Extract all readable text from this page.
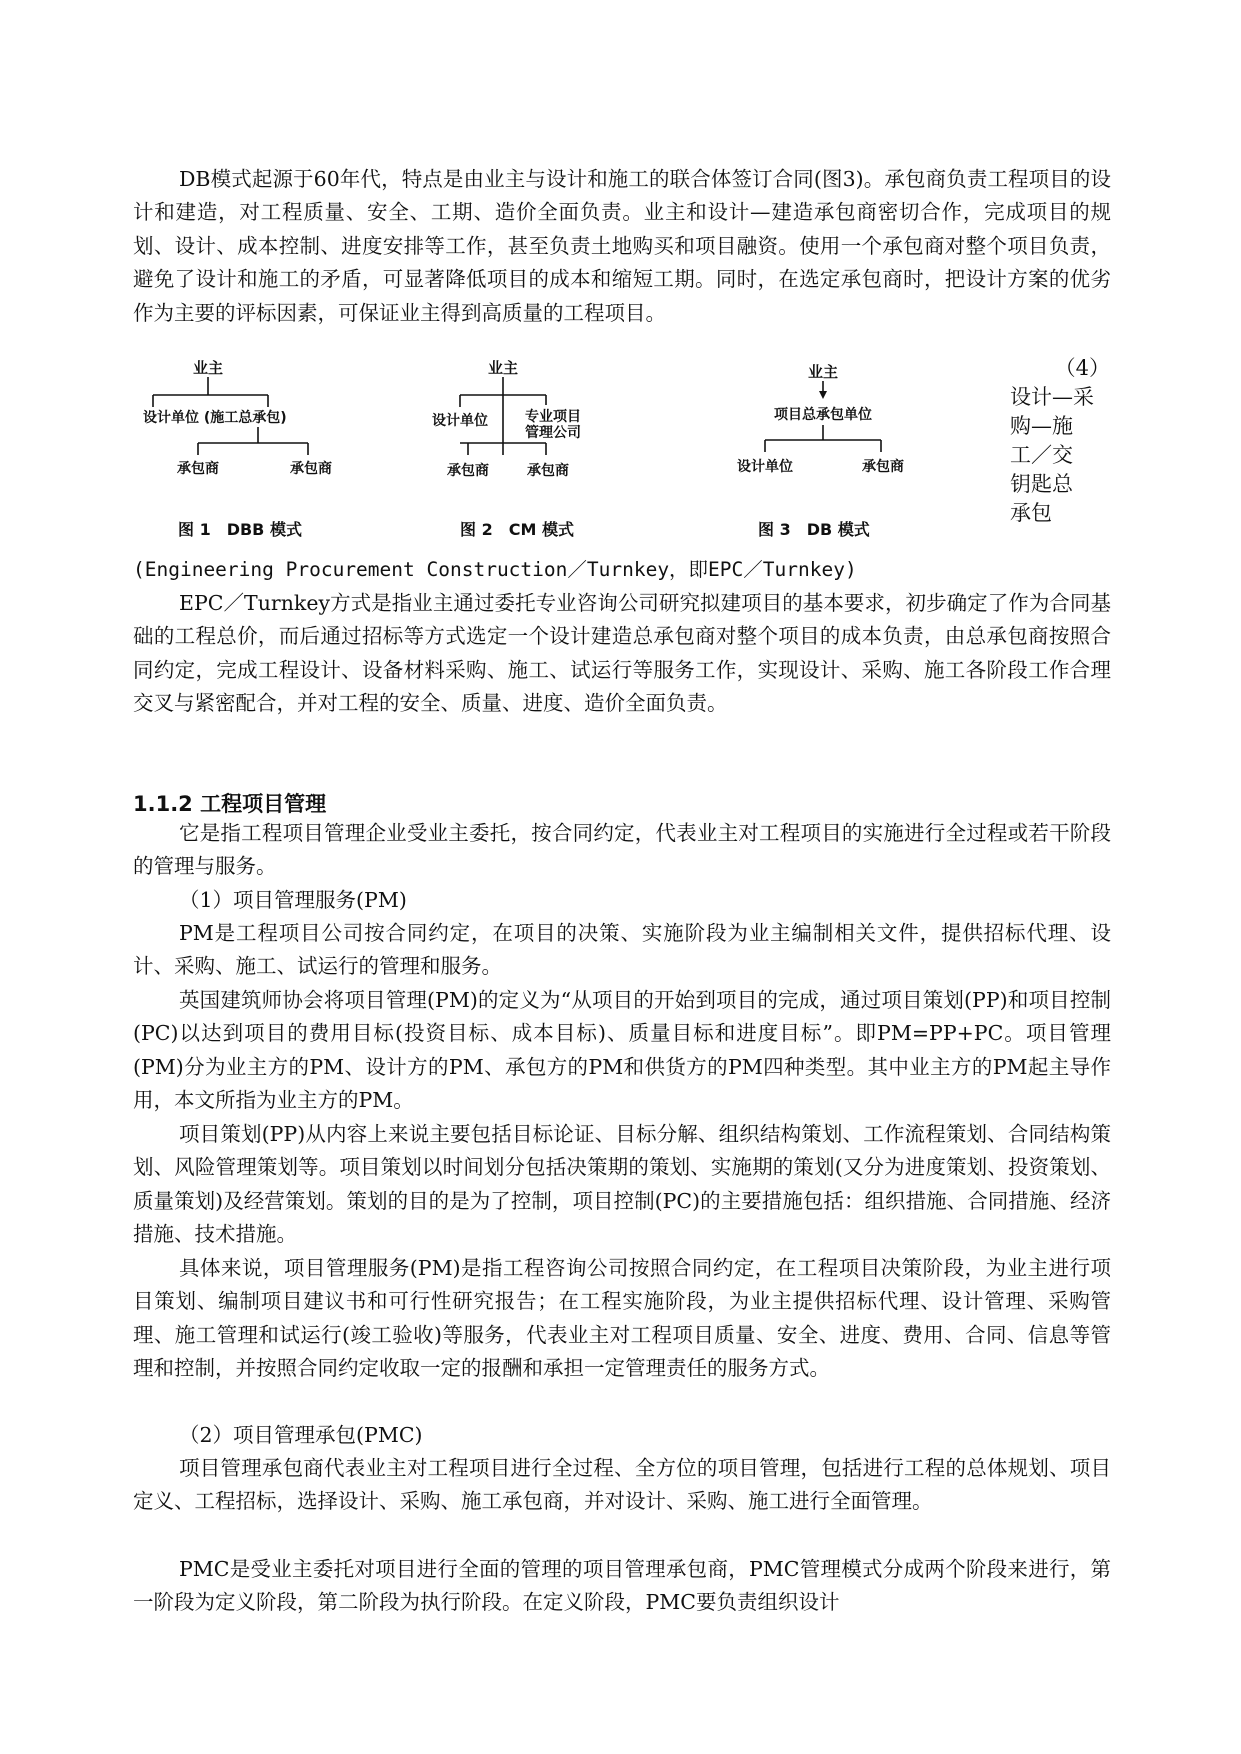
DB模式起源于60年代，特点是由业主与设计和施工的联合体签订合同(图3)。承包商负责工程项目的设计和建造，对工程质量、安全、工期、造价全面负责。业主和设计—建造承包商密切合作，完成项目的规划、设计、成本控制、进度安排等工作，甚至负责土地购买和项目融资。使用一个承包商对整个项目负责，避免了设计和施工的矛盾，可显著降低项目的成本和缩短工期。同时，在选定承包商时，把设计方案的优劣作为主要的评标因素，可保证业主得到高质量的工程项目。

业主
设计单位 (施工总承包)
承包商	承包商
图 1　DBB 模式
业主
设计单位	专业项目
管理公司
承包商	承包商
图 2　CM 模式
业主
项目总承包单位
设计单位	承包商
图 3　DB 模式
（4）
设计—采
购—施
工／交
钥匙总
承包

(Engineering Procurement Construction／Turnkey，即EPC／Turnkey)

EPC／Turnkey方式是指业主通过委托专业咨询公司研究拟建项目的基本要求，初步确定了作为合同基础的工程总价，而后通过招标等方式选定一个设计建造总承包商对整个项目的成本负责，由总承包商按照合同约定，完成工程设计、设备材料采购、施工、试运行等服务工作，实现设计、采购、施工各阶段工作合理交叉与紧密配合，并对工程的安全、质量、进度、造价全面负责。

1.1.2 工程项目管理

它是指工程项目管理企业受业主委托，按合同约定，代表业主对工程项目的实施进行全过程或若干阶段的管理与服务。

（1）项目管理服务(PM)

PM是工程项目公司按合同约定，在项目的决策、实施阶段为业主编制相关文件，提供招标代理、设计、采购、施工、试运行的管理和服务。

英国建筑师协会将项目管理(PM)的定义为“从项目的开始到项目的完成，通过项目策划(PP)和项目控制(PC)以达到项目的费用目标(投资目标、成本目标)、质量目标和进度目标”。即PM=PP+PC。项目管理(PM)分为业主方的PM、设计方的PM、承包方的PM和供货方的PM四种类型。其中业主方的PM起主导作用，本文所指为业主方的PM。

项目策划(PP)从内容上来说主要包括目标论证、目标分解、组织结构策划、工作流程策划、合同结构策划、风险管理策划等。项目策划以时间划分包括决策期的策划、实施期的策划(又分为进度策划、投资策划、质量策划)及经营策划。策划的目的是为了控制，项目控制(PC)的主要措施包括：组织措施、合同措施、经济措施、技术措施。

具体来说，项目管理服务(PM)是指工程咨询公司按照合同约定，在工程项目决策阶段，为业主进行项目策划、编制项目建议书和可行性研究报告；在工程实施阶段，为业主提供招标代理、设计管理、采购管理、施工管理和试运行(竣工验收)等服务，代表业主对工程项目质量、安全、进度、费用、合同、信息等管理和控制，并按照合同约定收取一定的报酬和承担一定管理责任的服务方式。

（2）项目管理承包(PMC)

项目管理承包商代表业主对工程项目进行全过程、全方位的项目管理，包括进行工程的总体规划、项目定义、工程招标，选择设计、采购、施工承包商，并对设计、采购、施工进行全面管理。

PMC是受业主委托对项目进行全面的管理的项目管理承包商，PMC管理模式分成两个阶段来进行，第一阶段为定义阶段，第二阶段为执行阶段。在定义阶段，PMC要负责组织设计
